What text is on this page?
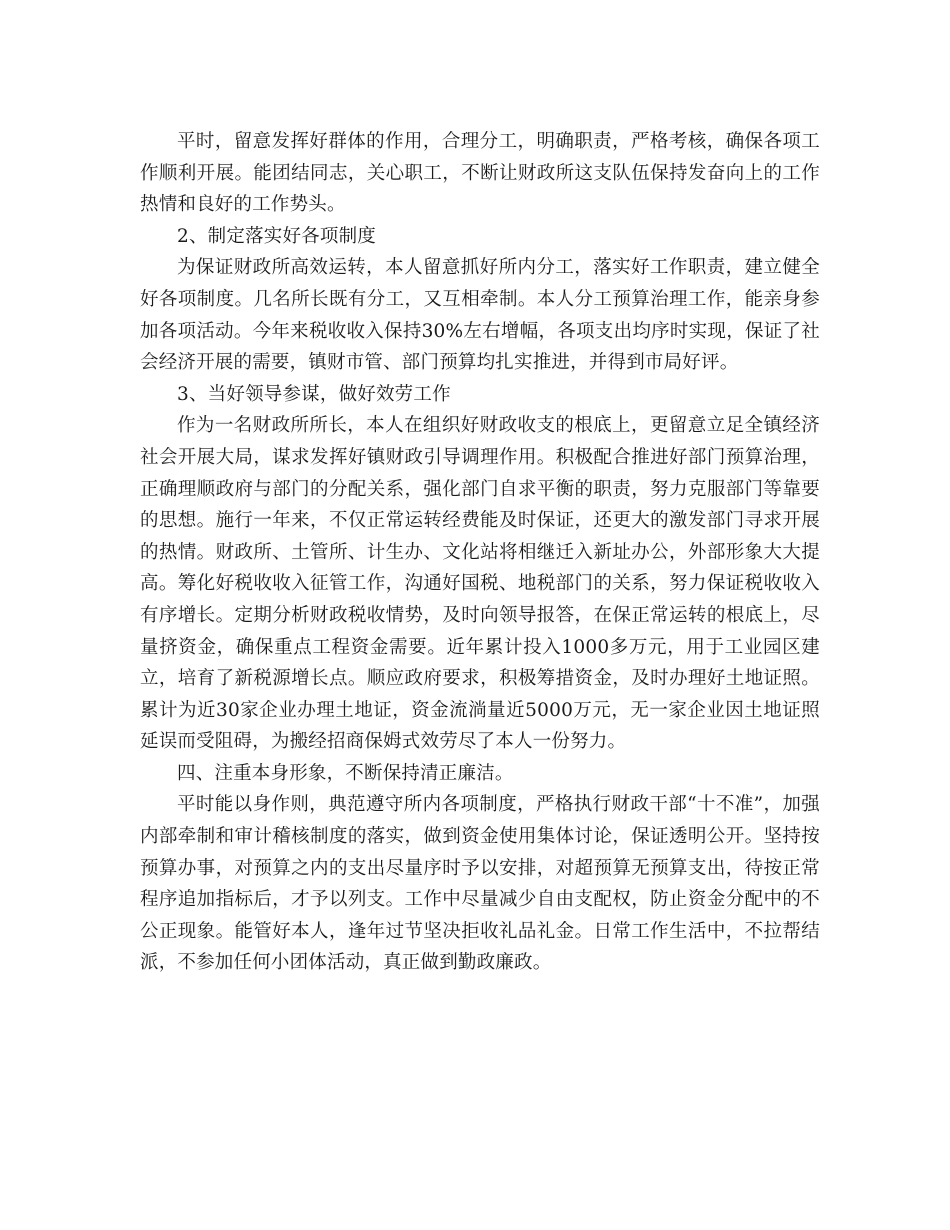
平时，留意发挥好群体的作用，合理分工，明确职责，严格考核，确保各项工作顺利开展。能团结同志，关心职工，不断让财政所这支队伍保持发奋向上的工作热情和良好的工作势头。

2、制定落实好各项制度

为保证财政所高效运转，本人留意抓好所内分工，落实好工作职责，建立健全好各项制度。几名所长既有分工，又互相牵制。本人分工预算治理工作，能亲身参加各项活动。今年来税收收入保持30%左右增幅，各项支出均序时实现，保证了社会经济开展的需要，镇财市管、部门预算均扎实推进，并得到市局好评。

3、当好领导参谋，做好效劳工作

作为一名财政所所长，本人在组织好财政收支的根底上，更留意立足全镇经济社会开展大局，谋求发挥好镇财政引导调理作用。积极配合推进好部门预算治理，正确理顺政府与部门的分配关系，强化部门自求平衡的职责，努力克服部门等靠要的思想。施行一年来，不仅正常运转经费能及时保证，还更大的激发部门寻求开展的热情。财政所、土管所、计生办、文化站将相继迁入新址办公，外部形象大大提高。筹化好税收收入征管工作，沟通好国税、地税部门的关系，努力保证税收收入有序增长。定期分析财政税收情势，及时向领导报答，在保正常运转的根底上，尽量挤资金，确保重点工程资金需要。近年累计投入1000多万元，用于工业园区建立，培育了新税源增长点。顺应政府要求，积极筹措资金，及时办理好土地证照。累计为近30家企业办理土地证，资金流淌量近5000万元，无一家企业因土地证照延误而受阻碍，为搬经招商保姆式效劳尽了本人一份努力。

四、注重本身形象，不断保持清正廉洁。

平时能以身作则，典范遵守所内各项制度，严格执行财政干部“十不准”，加强内部牵制和审计稽核制度的落实，做到资金使用集体讨论，保证透明公开。坚持按预算办事，对预算之内的支出尽量序时予以安排，对超预算无预算支出，待按正常程序追加指标后，才予以列支。工作中尽量减少自由支配权，防止资金分配中的不公正现象。能管好本人，逢年过节坚决拒收礼品礼金。日常工作生活中，不拉帮结派，不参加任何小团体活动，真正做到勤政廉政。
